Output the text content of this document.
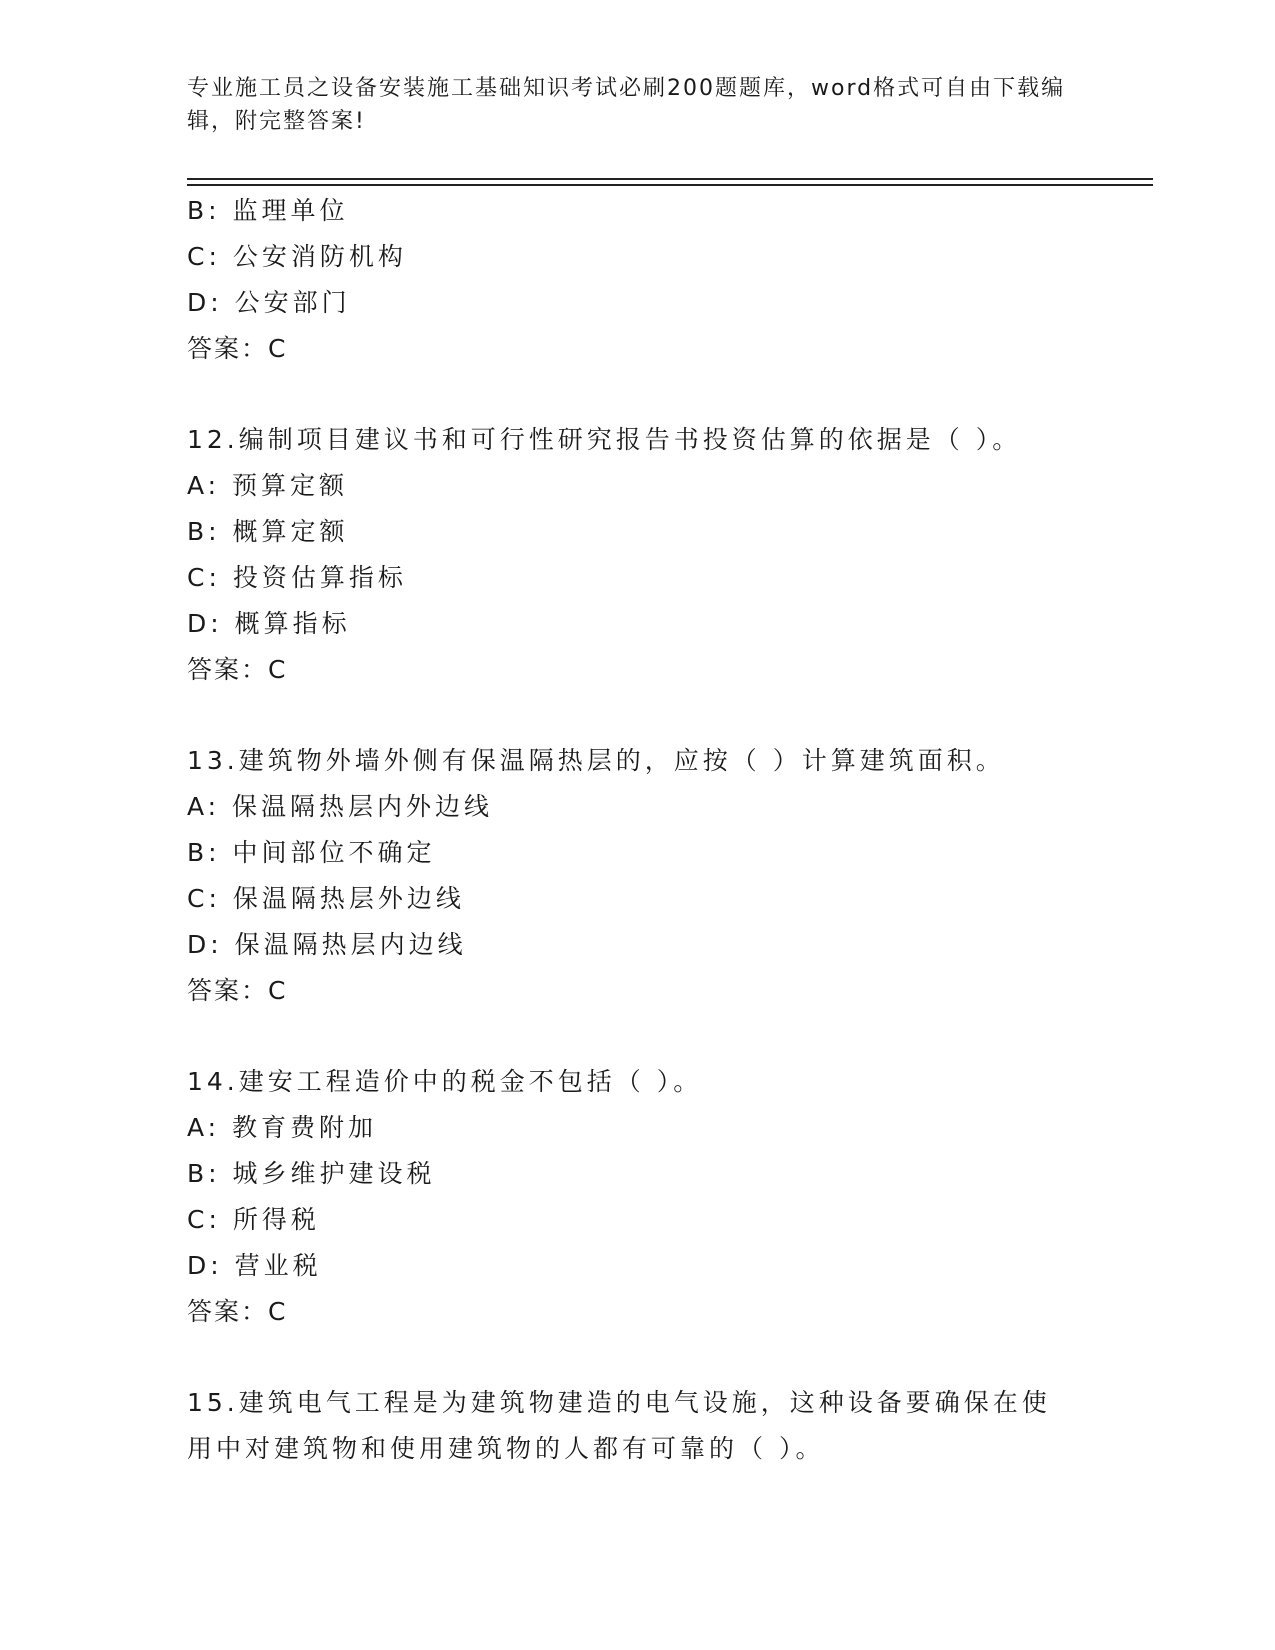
专业施工员之设备安装施工基础知识考试必刷200题题库，word格式可自由下载编辑，附完整答案!
B: 监理单位
C: 公安消防机构
D: 公安部门
答案：C
12.编制项目建议书和可行性研究报告书投资估算的依据是（ ）。
A: 预算定额
B: 概算定额
C: 投资估算指标
D: 概算指标
答案：C
13.建筑物外墙外侧有保温隔热层的，应按（ ）计算建筑面积。
A: 保温隔热层内外边线
B: 中间部位不确定
C: 保温隔热层外边线
D: 保温隔热层内边线
答案：C
14.建安工程造价中的税金不包括（ ）。
A: 教育费附加
B: 城乡维护建设税
C: 所得税
D: 营业税
答案：C
15.建筑电气工程是为建筑物建造的电气设施，这种设备要确保在使用中对建筑物和使用建筑物的人都有可靠的（ ）。
